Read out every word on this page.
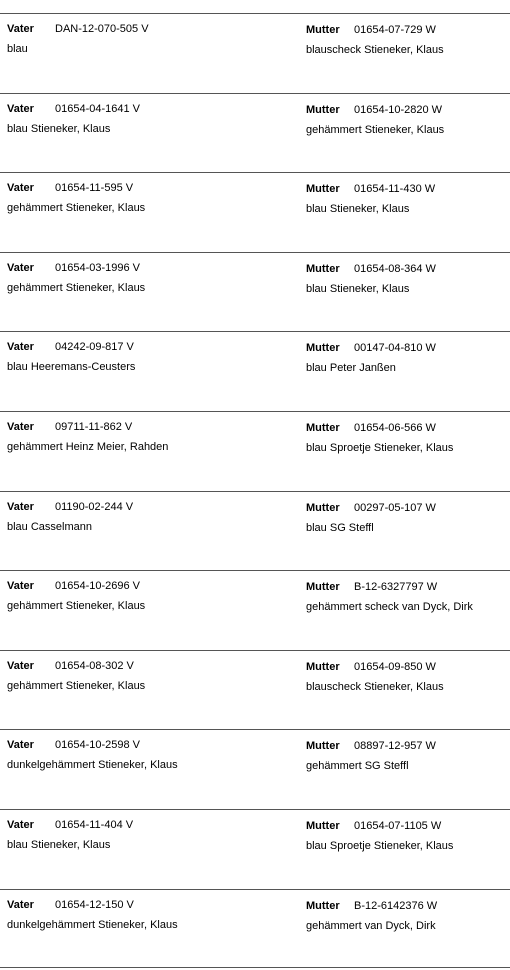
Vater DAN-12-070-505 V
blau
Mutter 01654-07-729 W
blauscheck Stieneker, Klaus
Vater 01654-04-1641 V
blau Stieneker, Klaus
Mutter 01654-10-2820 W
gehämmert Stieneker, Klaus
Vater 01654-11-595 V
gehämmert Stieneker, Klaus
Mutter 01654-11-430 W
blau Stieneker, Klaus
Vater 01654-03-1996 V
gehämmert Stieneker, Klaus
Mutter 01654-08-364 W
blau Stieneker, Klaus
Vater 04242-09-817 V
blau Heeremans-Ceusters
Mutter 00147-04-810 W
blau Peter Janßen
Vater 09711-11-862 V
gehämmert Heinz Meier, Rahden
Mutter 01654-06-566 W
blau Sproetje Stieneker, Klaus
Vater 01190-02-244 V
blau Casselmann
Mutter 00297-05-107 W
blau SG Steffl
Vater 01654-10-2696 V
gehämmert Stieneker, Klaus
Mutter B-12-6327797 W
gehämmert scheck van Dyck, Dirk
Vater 01654-08-302 V
gehämmert Stieneker, Klaus
Mutter 01654-09-850 W
blauscheck Stieneker, Klaus
Vater 01654-10-2598 V
dunkelgehämmert Stieneker, Klaus
Mutter 08897-12-957 W
gehämmert SG Steffl
Vater 01654-11-404 V
blau Stieneker, Klaus
Mutter 01654-07-1105 W
blau Sproetje Stieneker, Klaus
Vater 01654-12-150 V
dunkelgehämmert Stieneker, Klaus
Mutter B-12-6142376 W
gehämmert van Dyck, Dirk
